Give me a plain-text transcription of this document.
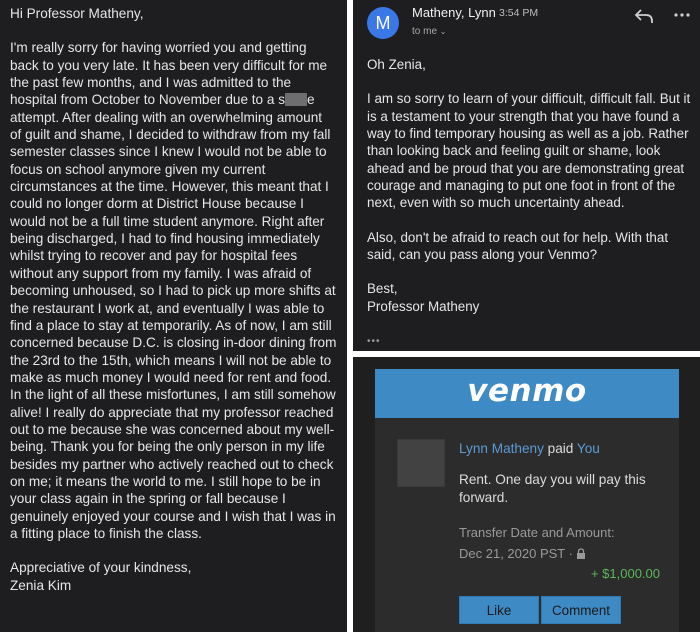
Hi Professor Matheny,

I'm really sorry for having worried you and getting back to you very late. It has been very difficult for me the past few months, and I was admitted to the hospital from October to November due to a s e attempt. After dealing with an overwhelming amount of guilt and shame, I decided to withdraw from my fall semester classes since I knew I would not be able to focus on school anymore given my current circumstances at the time. However, this meant that I could no longer dorm at District House because I would not be a full time student anymore. Right after being discharged, I had to find housing immediately whilst trying to recover and pay for hospital fees without any support from my family. I was afraid of becoming unhoused, so I had to pick up more shifts at the restaurant I work at, and eventually I was able to find a place to stay at temporarily. As of now, I am still concerned because D.C. is closing in-door dining from the 23rd to the 15th, which means I will not be able to make as much money I would need for rent and food. In the light of all these misfortunes, I am still somehow alive! I really do appreciate that my professor reached out to me because she was concerned about my well-being. Thank you for being the only person in my life besides my partner who actively reached out to check on me; it means the world to me. I still hope to be in your class again in the spring or fall because I genuinely enjoyed your course and I wish that I was in a fitting place to finish the class.

Appreciative of your kindness,

Zenia Kim

M
Matheny, Lynn 3:54 PM
to me ⌄

Oh Zenia,

I am so sorry to learn of your difficult, difficult fall. But it is a testament to your strength that you have found a way to find temporary housing as well as a job. Rather than looking back and feeling guilt or shame, look ahead and be proud that you are demonstrating great courage and managing to put one foot in front of the next, even with so much uncertainty ahead.

Also, don't be afraid to reach out for help. With that said, can you pass along your Venmo?

Best,

Professor Matheny

•••
venmo
Lynn Matheny paid You
Rent. One day you will pay this forward.
Transfer Date and Amount:
Dec 21, 2020 PST ·
+ $1,000.00
Like	Comment
